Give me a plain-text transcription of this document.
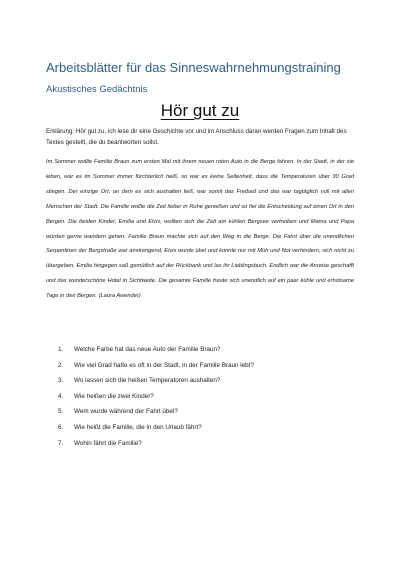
Arbeitsblätter für das Sinneswahrnehmungstraining
Akustisches Gedächtnis
Hör gut zu
Erklärung: Hör gut zu, ich lese dir eine Geschichte vor und im Anschluss daran werden Fragen zum Inhalt des Textes gestellt, die du beantworten sollst.
Im Sommer wollte Familie Braun zum ersten Mal mit ihrem neuen roten Auto in die Berge fahren. In der Stadt, in der sie leben, war es im Sommer immer fürchterlich heiß, so war es keine Seltenheit, dass die Temperaturen über 30 Grad stiegen. Der einzige Ort, an dem es sich aushalten ließ, war somit das Freibad und das war tagtäglich voll mit allen Menschen der Stadt. Die Familie wollte die Zeit lieber in Ruhe genießen und so fiel die Entscheidung auf einen Ort in den Bergen. Die beiden Kinder, Emilia und Elvis, wollten sich die Zeit am kühlen Bergsee vertreiben und Mama und Papa würden gerne wandern gehen. Familie Braun machte sich auf den Weg in die Berge. Die Fahrt über die unendlichen Serpentinen der Bergstraße war anstrengend, Elvis wurde übel und konnte nur mit Müh und Not verhindern, sich nicht zu übergeben. Emilia hingegen saß gemütlich auf der Rückbank und las ihr Lieblingsbuch. Endlich war die Anreise geschafft und das wunderschöne Hotel in Sichtweite. Die gesamte Familie freute sich unendlich auf ein paar kühle und erholsame Tage in den Bergen. (Laura Awender)
1. Welche Farbe hat das neue Auto der Familie Braun?
2. Wie viel Grad hatte es oft in der Stadt, in der Familie Braun lebt?
3. Wo lassen sich die heißen Temperatoren aushalten?
4. Wie heißen die zwei Kinder?
5. Wem wurde während der Fahrt übel?
6. Wie heißt die Familie, die in den Urlaub fährt?
7. Wohin fährt die Familie?
